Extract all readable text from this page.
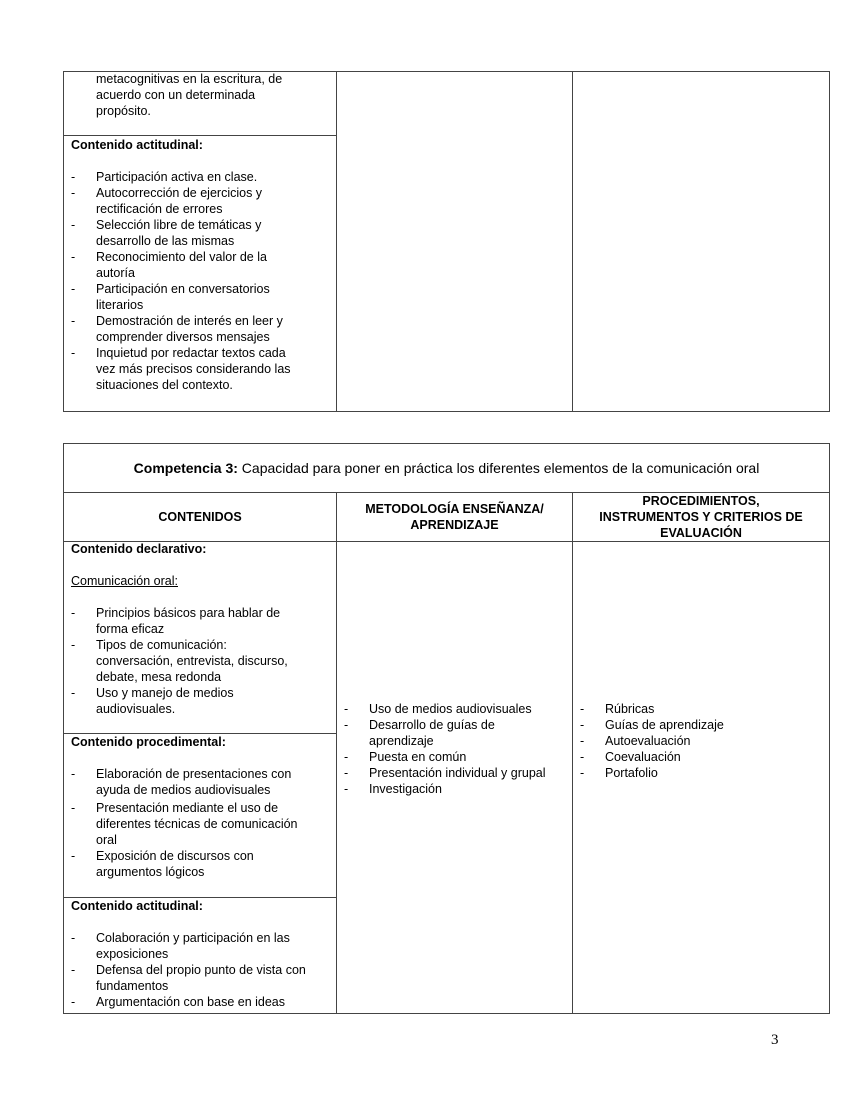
metacognitivas en la escritura, de
acuerdo con un determinada
propósito.
Contenido actitudinal:
- Participación activa en clase.
- Autocorrección de ejercicios y
rectificación de errores
- Selección libre de temáticas y
desarrollo de las mismas
- Reconocimiento del valor de la
autoría
- Participación en conversatorios
literarios
- Demostración de interés en leer y
comprender diversos mensajes
- Inquietud por redactar textos cada
vez más precisos considerando las
situaciones del contexto.
Competencia 3: Capacidad para poner en práctica los diferentes elementos de la comunicación oral
CONTENIDOS
METODOLOGÍA ENSEÑANZA/
APRENDIZAJE
PROCEDIMIENTOS,
INSTRUMENTOS Y CRITERIOS DE
EVALUACIÓN
Contenido declarativo:
Comunicación oral:
- Principios básicos para hablar de
forma eficaz
- Tipos de comunicación:
conversación, entrevista, discurso,
debate, mesa redonda
- Uso y manejo de medios
audiovisuales.
Contenido procedimental:
- Elaboración de presentaciones con
ayuda de medios audiovisuales
- Presentación mediante el uso de
diferentes técnicas de comunicación
oral
- Exposición de discursos con
argumentos lógicos
Contenido actitudinal:
- Colaboración y participación en las
exposiciones
- Defensa del propio punto de vista con
fundamentos
- Argumentación con base en ideas
- Uso de medios audiovisuales
- Desarrollo de guías de
aprendizaje
- Puesta en común
- Presentación individual y grupal
- Investigación
- Rúbricas
- Guías de aprendizaje
- Autoevaluación
- Coevaluación
- Portafolio
3
